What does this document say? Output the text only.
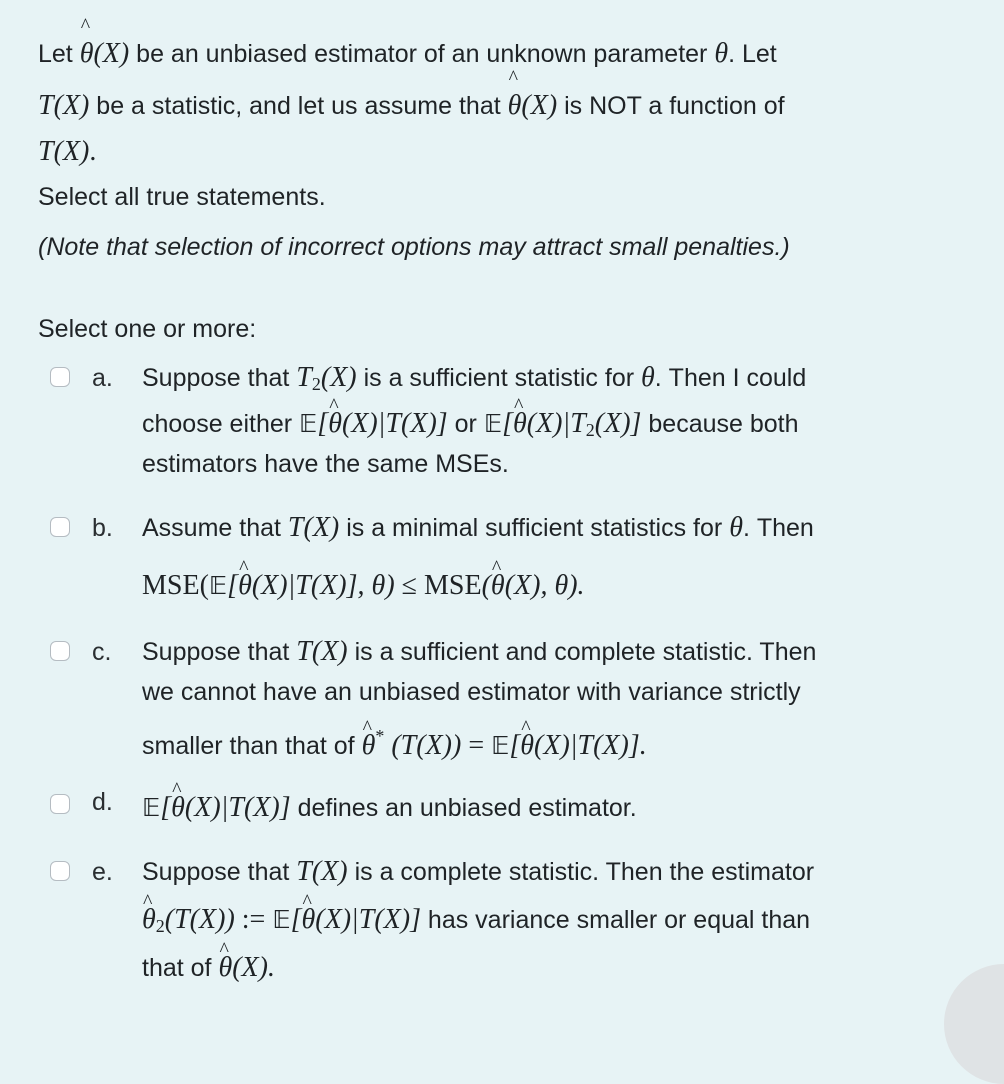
Let ^ θ(X) be an unbiased estimator of an unknown parameter θ. Let
T(X) be a statistic, and let us assume that ^ θ(X) is NOT a function of
T(X).
Select all true statements.
(Note that selection of incorrect options may attract small penalties.)
Select one or more:
a. Suppose that $T_2(X)$ is a sufficient statistic for θ. Then I could
choose either 𝔼[^ θ(X)|T(X)] or 𝔼[^ $\theta(X)|T_2(X)$] because both
estimators have the same MSEs.
b. Assume that T(X) is a minimal sufficient statistics for θ. Then
MSE(𝔼[^ θ(X)|T(X)], θ) ≤ MSE(^ θ(X), θ).
c. Suppose that T(X) is a sufficient and complete statistic. Then
we cannot have an unbiased estimator with variance strictly
smaller than that of ^ θ* (T(X)) = 𝔼[^ θ(X)|T(X)].
d. 𝔼[^ θ(X)|T(X)] defines an unbiased estimator.
e. Suppose that T(X) is a complete statistic. Then the estimator
^ $\theta_2(T(X))$ := 𝔼[^ θ(X)|T(X)] has variance smaller or equal than
that of ^ θ(X).
